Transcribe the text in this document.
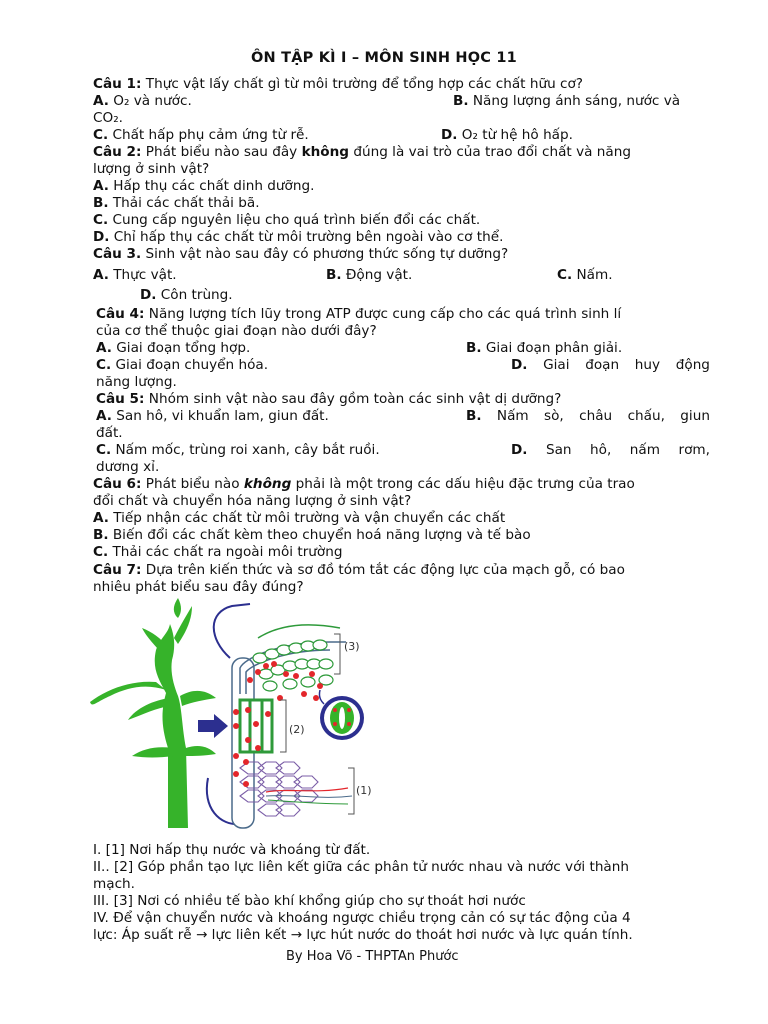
ÔN TẬP KÌ I – MÔN SINH HỌC 11
Câu 1: Thực vật lấy chất gì từ môi trường để tổng hợp các chất hữu cơ?
A. O₂ và nước.	B. Năng lượng ánh sáng, nước và
CO₂.
C. Chất hấp phụ cảm ứng từ rễ.	D. O₂ từ hệ hô hấp.
Câu 2: Phát biểu nào sau đây không đúng là vai trò của trao đổi chất và năng
lượng ở sinh vật?
A. Hấp thụ các chất dinh dưỡng.
B. Thải các chất thải bã.
C. Cung cấp nguyên liệu cho quá trình biến đổi các chất.
D. Chỉ hấp thụ các chất từ môi trường bên ngoài vào cơ thể.
Câu 3. Sinh vật nào sau đây có phương thức sống tự dưỡng?
A. Thực vật.	B. Động vật.	C. Nấm.
D. Côn trùng.
Câu 4: Năng lượng tích lũy trong ATP được cung cấp cho các quá trình sinh lí
của cơ thể thuộc giai đoạn nào dưới đây?
A. Giai đoạn tổng hợp.	B. Giai đoạn phân giải.
C. Giai đoạn chuyển hóa.	D. Giai đoạn huy động
năng lượng.
Câu 5: Nhóm sinh vật nào sau đây gồm toàn các sinh vật dị dưỡng?
A. San hô, vi khuẩn lam, giun đất.	B. Nấm sò, châu chấu, giun
đất.
C. Nấm mốc, trùng roi xanh, cây bắt ruồi.	D. San hô, nấm rơm,
dương xỉ.
Câu 6: Phát biểu nào không phải là một trong các dấu hiệu đặc trưng của trao
đổi chất và chuyển hóa năng lượng ở sinh vật?
A. Tiếp nhận các chất từ môi trường và vận chuyển các chất
B. Biến đổi các chất kèm theo chuyển hoá năng lượng và tế bào
C. Thải các chất ra ngoài môi trường
Câu 7: Dựa trên kiến thức và sơ đồ tóm tắt các động lực của mạch gỗ, có bao
nhiêu phát biểu sau đây đúng?
(3)
(2)
(1)
I. [1] Nơi hấp thụ nước và khoáng từ đất.
II.. [2] Góp phần tạo lực liên kết giữa các phân tử nước nhau và nước với thành
mạch.
III. [3] Nơi có nhiều tế bào khí khổng giúp cho sự thoát hơi nước
IV. Để vận chuyển nước và khoáng ngược chiều trọng cản có sự tác động của 4
lực: Áp suất rễ → lực liên kết → lực hút nước do thoát hơi nước và lực quán tính.
By Hoa Võ - THPTAn Phước
